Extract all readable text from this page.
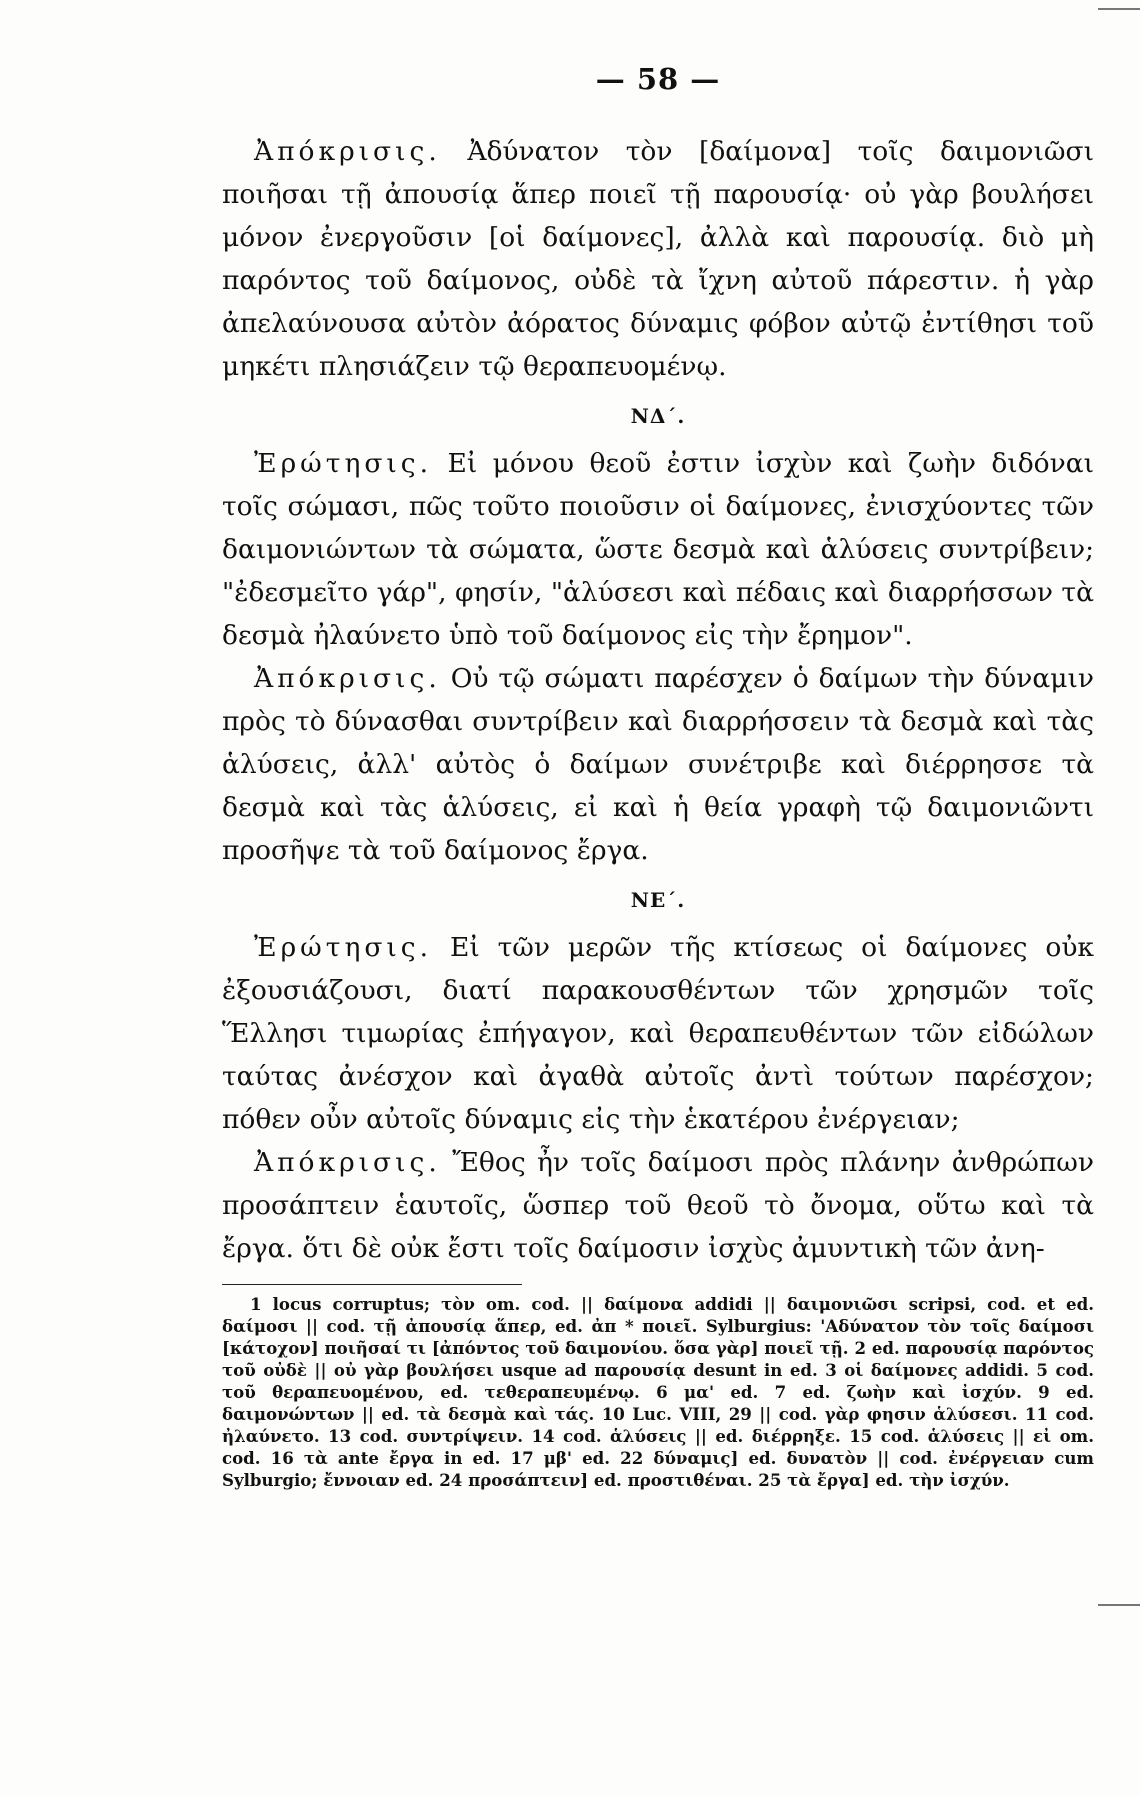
— 58 —

Ἀπόκρισις. Ἀδύνατον τὸν [δαίμονα] τοῖς δαιμονιῶσι ποιῆσαι τῇ ἀπουσίᾳ ἅπερ ποιεῖ τῇ παρουσίᾳ· οὐ γὰρ βουλήσει μόνον ἐνεργοῦσιν [οἱ δαίμονες], ἀλλὰ καὶ παρουσίᾳ. διὸ μὴ παρόντος τοῦ δαίμονος, οὐδὲ τὰ ἴχνη αὐτοῦ πάρεστιν. ἡ γὰρ ἀπελαύνουσα αὐτὸν ἀόρατος δύναμις φόβον αὐτῷ ἐντίθησι τοῦ μηκέτι πλησιάζειν τῷ θεραπευομένῳ.

ΝΔ΄.

Ἐρώτησις. Εἰ μόνου θεοῦ ἐστιν ἰσχὺν καὶ ζωὴν διδόναι τοῖς σώμασι, πῶς τοῦτο ποιοῦσιν οἱ δαίμονες, ἐνισχύοντες τῶν δαιμονιώντων τὰ σώματα, ὥστε δεσμὰ καὶ ἁλύσεις συντρίβειν; "ἐδεσμεῖτο γάρ", φησίν, "ἁλύσεσι καὶ πέδαις καὶ διαρρήσσων τὰ δεσμὰ ἠλαύνετο ὑπὸ τοῦ δαίμονος εἰς τὴν ἔρημον".

Ἀπόκρισις. Οὐ τῷ σώματι παρέσχεν ὁ δαίμων τὴν δύναμιν πρὸς τὸ δύνασθαι συντρίβειν καὶ διαρρήσσειν τὰ δεσμὰ καὶ τὰς ἁλύσεις, ἀλλ' αὐτὸς ὁ δαίμων συνέτριβε καὶ διέρρησσε τὰ δεσμὰ καὶ τὰς ἁλύσεις, εἰ καὶ ἡ θεία γραφὴ τῷ δαιμονιῶντι προσῆψε τὰ τοῦ δαίμονος ἔργα.

ΝΕ΄.

Ἐρώτησις. Εἰ τῶν μερῶν τῆς κτίσεως οἱ δαίμονες οὐκ ἐξουσιάζουσι, διατί παρακουσθέντων τῶν χρησμῶν τοῖς Ἕλλησι τιμωρίας ἐπήγαγον, καὶ θεραπευθέντων τῶν εἰδώλων ταύτας ἀνέσχον καὶ ἀγαθὰ αὐτοῖς ἀντὶ τούτων παρέσχον; πόθεν οὖν αὐτοῖς δύναμις εἰς τὴν ἑκατέρου ἐνέργειαν;

Ἀπόκρισις. Ἔθος ἦν τοῖς δαίμοσι πρὸς πλάνην ἀνθρώπων προσάπτειν ἑαυτοῖς, ὥσπερ τοῦ θεοῦ τὸ ὄνομα, οὕτω καὶ τὰ ἔργα. ὅτι δὲ οὐκ ἔστι τοῖς δαίμοσιν ἰσχὺς ἀμυντικὴ τῶν ἀνη-

1 locus corruptus; τὸν om. cod. || δαίμονα addidi || δαιμονιῶσι scripsi, cod. et ed. δαίμοσι || cod. τῇ ἀπουσίᾳ ἅπερ, ed. ἀπ * ποιεῖ. Sylburgius: 'Αδύνατον τὸν τοῖς δαίμοσι [κάτοχον] ποιῆσαί τι [ἀπόντος τοῦ δαιμονίου. ὅσα γὰρ] ποιεῖ τῇ. 2 ed. παρουσίᾳ παρόντος τοῦ οὐδὲ || οὐ γὰρ βουλήσει usque ad παρουσίᾳ desunt in ed. 3 οἱ δαίμονες addidi. 5 cod. τοῦ θεραπευομένου, ed. τεθεραπευμένῳ. 6 μα' ed. 7 ed. ζωὴν καὶ ἰσχύν. 9 ed. δαιμονώντων || ed. τὰ δεσμὰ καὶ τάς. 10 Luc. VIII, 29 || cod. γὰρ φησιν ἁλύσεσι. 11 cod. ἠλαύνετο. 13 cod. συντρίψειν. 14 cod. ἁλύσεις || ed. διέρρηξε. 15 cod. ἁλύσεις || εἰ om. cod. 16 τὰ ante ἔργα in ed. 17 μβ' ed. 22 δύναμις] ed. δυνατὸν || cod. ἐνέργειαν cum Sylburgio; ἔννοιαν ed. 24 προσάπτειν] ed. προστιθέναι. 25 τὰ ἔργα] ed. τὴν ἰσχύν.
